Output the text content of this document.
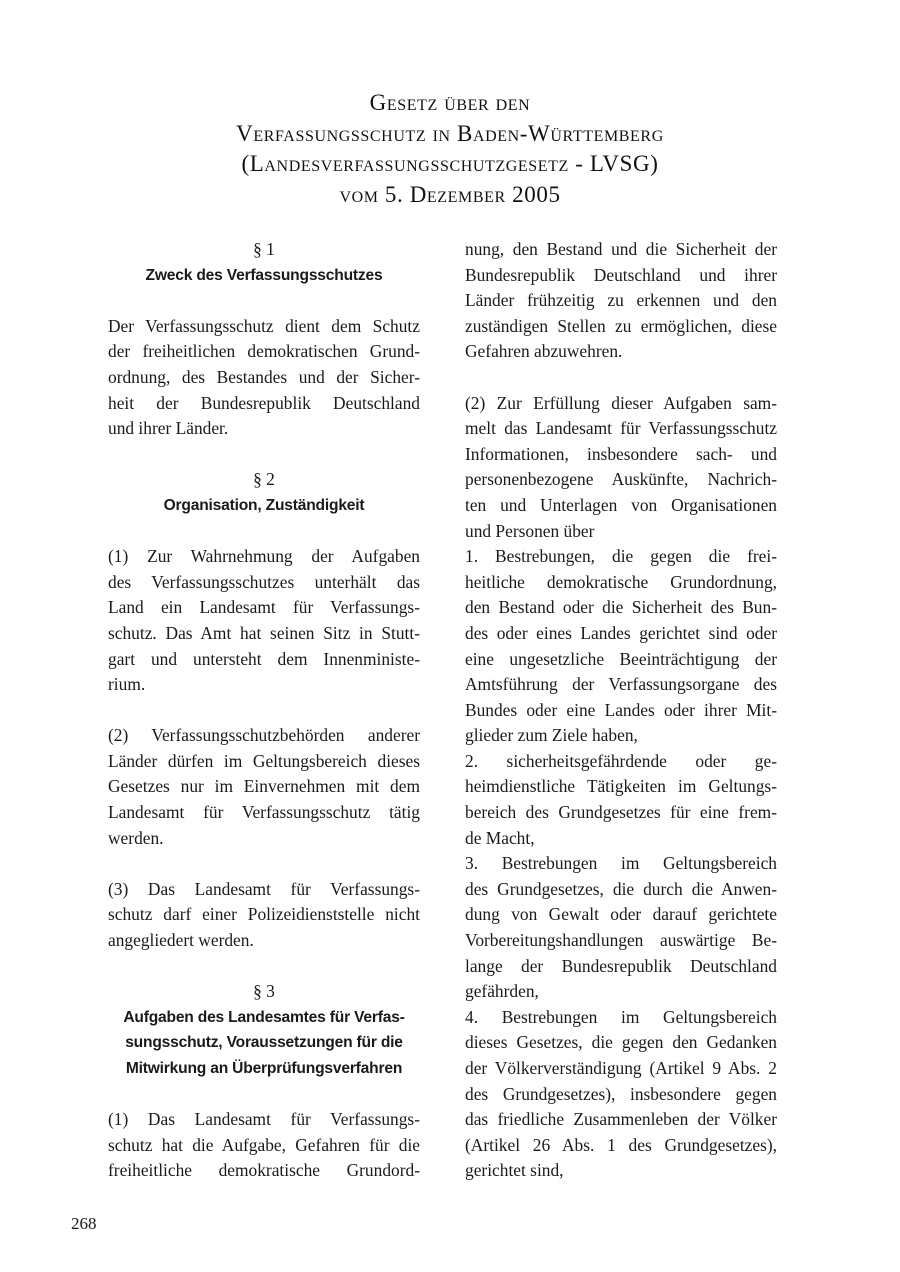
Gesetz über den
Verfassungsschutz in Baden-Württemberg
(Landesverfassungsschutzgesetz - LVSG)
vom 5. Dezember 2005
§ 1
Zweck des Verfassungsschutzes
Der Verfassungsschutz dient dem Schutz
der freiheitlichen demokratischen Grund-
ordnung, des Bestandes und der Sicher-
heit der Bundesrepublik Deutschland
und ihrer Länder.
§ 2
Organisation, Zuständigkeit
(1) Zur Wahrnehmung der Aufgaben
des Verfassungsschutzes unterhält das
Land ein Landesamt für Verfassungs-
schutz. Das Amt hat seinen Sitz in Stutt-
gart und untersteht dem Innenministe-
rium.
(2) Verfassungsschutzbehörden anderer
Länder dürfen im Geltungsbereich dieses
Gesetzes nur im Einvernehmen mit dem
Landesamt für Verfassungsschutz tätig
werden.
(3) Das Landesamt für Verfassungs-
schutz darf einer Polizeidienststelle nicht
angegliedert werden.
§ 3
Aufgaben des Landesamtes für Verfas-
sungsschutz, Voraussetzungen für die
Mitwirkung an Überprüfungsverfahren
(1) Das Landesamt für Verfassungs-
schutz hat die Aufgabe, Gefahren für die
freiheitliche demokratische Grundord-
nung, den Bestand und die Sicherheit der
Bundesrepublik Deutschland und ihrer
Länder frühzeitig zu erkennen und den
zuständigen Stellen zu ermöglichen, diese
Gefahren abzuwehren.
(2) Zur Erfüllung dieser Aufgaben sam-
melt das Landesamt für Verfassungsschutz
Informationen, insbesondere sach- und
personenbezogene Auskünfte, Nachrich-
ten und Unterlagen von Organisationen
und Personen über
1. Bestrebungen, die gegen die frei-
heitliche demokratische Grundordnung,
den Bestand oder die Sicherheit des Bun-
des oder eines Landes gerichtet sind oder
eine ungesetzliche Beeinträchtigung der
Amtsführung der Verfassungsorgane des
Bundes oder eine Landes oder ihrer Mit-
glieder zum Ziele haben,
2. sicherheitsgefährdende oder ge-
heimdienstliche Tätigkeiten im Geltungs-
bereich des Grundgesetzes für eine frem-
de Macht,
3. Bestrebungen im Geltungsbereich
des Grundgesetzes, die durch die Anwen-
dung von Gewalt oder darauf gerichtete
Vorbereitungshandlungen auswärtige Be-
lange der Bundesrepublik Deutschland
gefährden,
4. Bestrebungen im Geltungsbereich
dieses Gesetzes, die gegen den Gedanken
der Völkerverständigung (Artikel 9 Abs. 2
des Grundgesetzes), insbesondere gegen
das friedliche Zusammenleben der Völker
(Artikel 26 Abs. 1 des Grundgesetzes),
gerichtet sind,
268
